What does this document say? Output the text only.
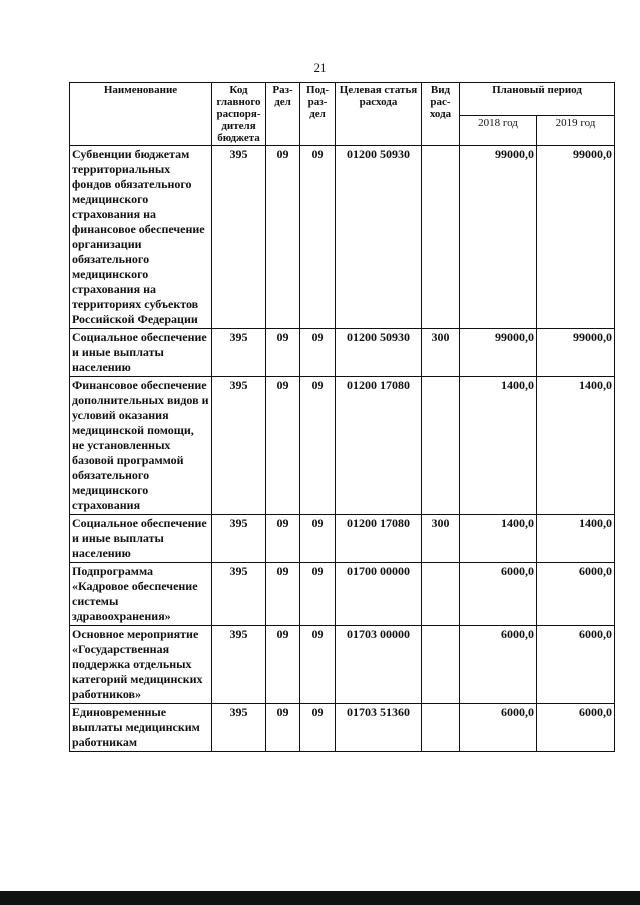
21
Наименование	Код главного распоря-дителя бюджета	Раз-дел	Под-раз-дел	Целевая статья расхода	Вид рас-хода	Плановый период	
						2018 год	2019 год
Субвенции бюджетам территориальных фондов обязательного медицинского страхования на финансовое обеспечение организации обязательного медицинского страхования на территориях субъектов Российской Федерации	395	09	09	01200 50930		99000,0	99000,0
Социальное обеспечение и иные выплаты населению	395	09	09	01200 50930	300	99000,0	99000,0
Финансовое обеспечение дополнительных видов и условий оказания медицинской помощи, не установленных базовой программой обязательного медицинского страхования	395	09	09	01200 17080		1400,0	1400,0
Социальное обеспечение и иные выплаты населению	395	09	09	01200 17080	300	1400,0	1400,0
Подпрограмма «Кадровое обеспечение системы здравоохранения»	395	09	09	01700 00000		6000,0	6000,0
Основное мероприятие «Государственная поддержка отдельных категорий медицинских работников»	395	09	09	01703 00000		6000,0	6000,0
Единовременные выплаты медицинским работникам	395	09	09	01703 51360		6000,0	6000,0
